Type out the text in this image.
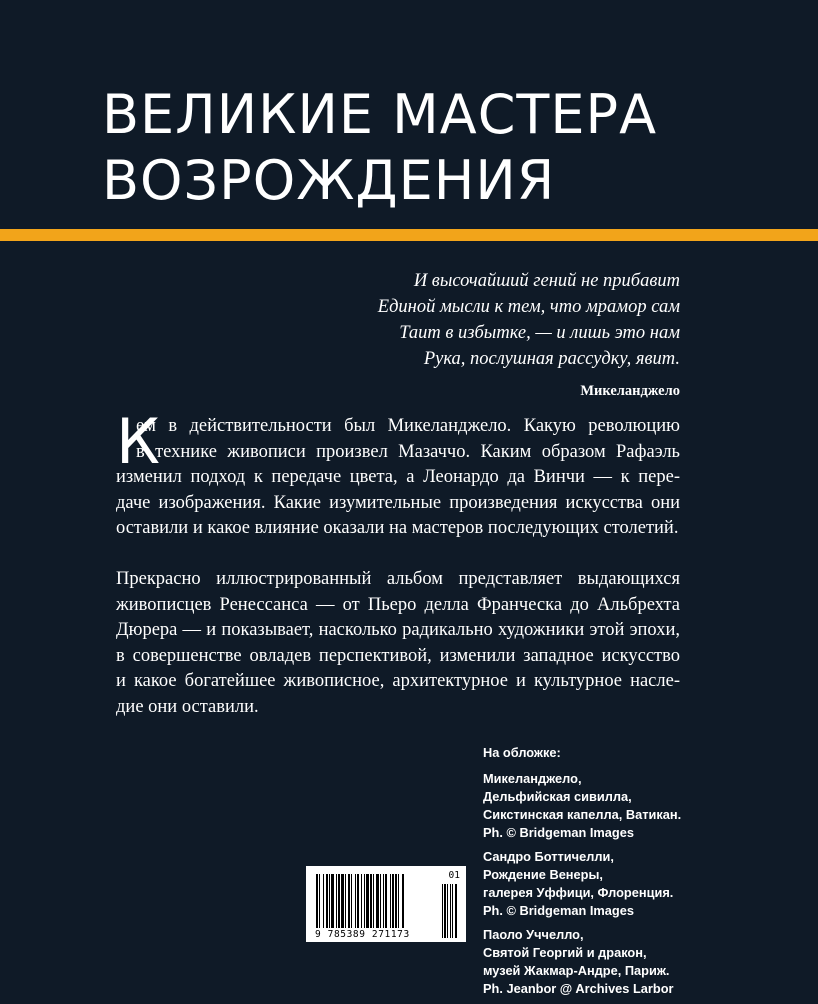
ВЕЛИКИЕ МАСТЕРА
ВОЗРОЖДЕНИЯ
И высочайший гений не прибавит
Единой мысли к тем, что мрамор сам
Таит в избытке, — и лишь это нам
Рука, послушная рассудку, явит.
Микеланджело

К
ем в действительности был Микеланджело. Какую революцию
в технике живописи произвел Мазаччо. Каким образом Рафаэль
изменил подход к передаче цвета, а Леонардо да Винчи — к пере-
даче изображения. Какие изумительные произведения искусства они
оставили и какое влияние оказали на мастеров последующих столетий.

Прекрасно иллюстрированный альбом представляет выдающихся
живописцев Ренессанса — от Пьеро делла Франческа до Альбрехта
Дюрера — и показывает, насколько радикально художники этой эпохи,
в совершенстве овладев перспективой, изменили западное искусство
и какое богатейшее живописное, архитектурное и культурное насле-
дие они оставили.

На обложке:
Микеланджело,
Дельфийская сивилла,
Сикстинская капелла, Ватикан.
Ph. © Bridgeman Images
Сандро Боттичелли,
Рождение Венеры,
галерея Уффици, Флоренция.
Ph. © Bridgeman Images
Паоло Уччелло,
Святой Георгий и дракон,
музей Жакмар-Андре, Париж.
Ph. Jeanbor @ Archives Larbor
01
9 785389 271173
